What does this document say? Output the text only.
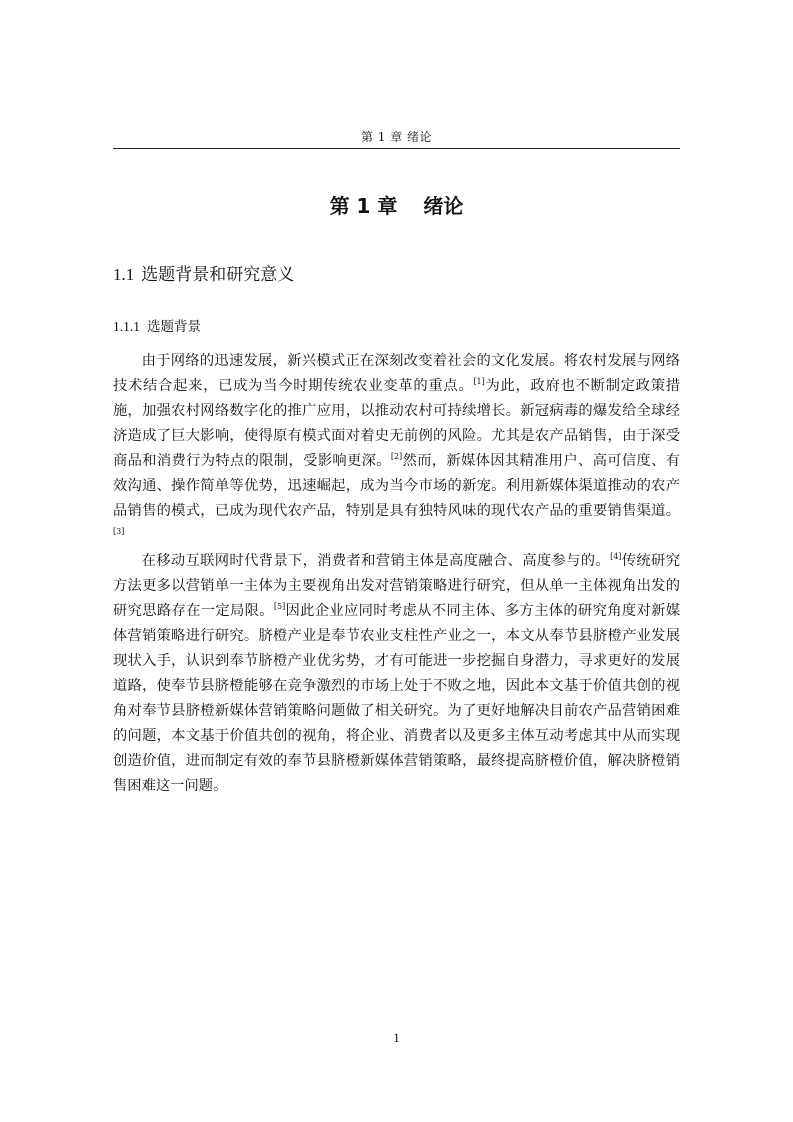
第 1 章 绪论
第 1 章 绪论
1.1 选题背景和研究意义
1.1.1 选题背景

由于网络的迅速发展，新兴模式正在深刻改变着社会的文化发展。将农村发展与网络技术结合起来，已成为当今时期传统农业变革的重点。[1]为此，政府也不断制定政策措施，加强农村网络数字化的推广应用，以推动农村可持续增长。新冠病毒的爆发给全球经济造成了巨大影响，使得原有模式面对着史无前例的风险。尤其是农产品销售，由于深受商品和消费行为特点的限制，受影响更深。[2]然而，新媒体因其精准用户、高可信度、有效沟通、操作简单等优势，迅速崛起，成为当今市场的新宠。利用新媒体渠道推动的农产品销售的模式，已成为现代农产品，特别是具有独特风味的现代农产品的重要销售渠道。[3]

在移动互联网时代背景下，消费者和营销主体是高度融合、高度参与的。[4]传统研究方法更多以营销单一主体为主要视角出发对营销策略进行研究，但从单一主体视角出发的研究思路存在一定局限。[5]因此企业应同时考虑从不同主体、多方主体的研究角度对新媒体营销策略进行研究。脐橙产业是奉节农业支柱性产业之一，本文从奉节县脐橙产业发展现状入手，认识到奉节脐橙产业优劣势，才有可能进一步挖掘自身潜力，寻求更好的发展道路，使奉节县脐橙能够在竞争激烈的市场上处于不败之地，因此本文基于价值共创的视角对奉节县脐橙新媒体营销策略问题做了相关研究。为了更好地解决目前农产品营销困难的问题，本文基于价值共创的视角，将企业、消费者以及更多主体互动考虑其中从而实现创造价值，进而制定有效的奉节县脐橙新媒体营销策略，最终提高脐橙价值，解决脐橙销售困难这一问题。

1
